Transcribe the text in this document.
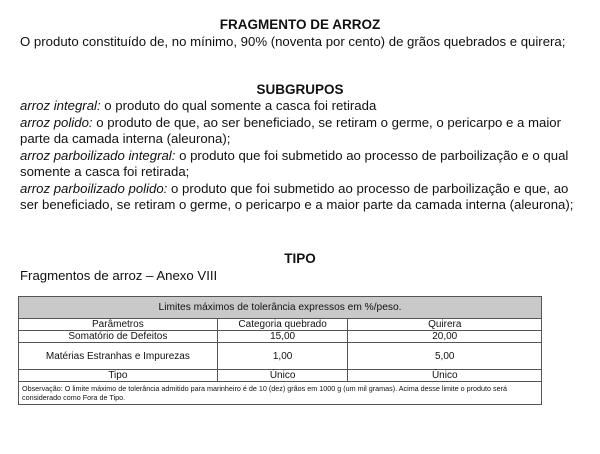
FRAGMENTO DE ARROZ
O produto constituído de, no mínimo, 90% (noventa por cento) de grãos quebrados e quirera;
SUBGRUPOS
arroz integral: o produto do qual somente a casca foi retirada
arroz polido: o produto de que, ao ser beneficiado, se retiram o germe, o pericarpo e a maior parte da camada interna (aleurona);
arroz parboilizado integral: o produto que foi submetido ao processo de parboilização e o qual somente a casca foi retirada;
arroz parboilizado polido: o produto que foi submetido ao processo de parboilização e que, ao ser beneficiado, se retiram o germe, o pericarpo e a maior parte da camada interna (aleurona);
TIPO
Fragmentos de arroz – Anexo VIII
Limites máximos de tolerância expressos em %/peso.		
Parâmetros	Categoria quebrado	Quirera
Somatório de Defeitos	15,00	20,00
Matérias Estranhas e Impurezas	1,00	5,00
Tipo	Único	Único
Observação: O limite máximo de tolerância admitido para marinheiro é de 10 (dez) grãos em 1000 g (um mil gramas). Acima desse limite o produto será considerado como Fora de Tipo.		
